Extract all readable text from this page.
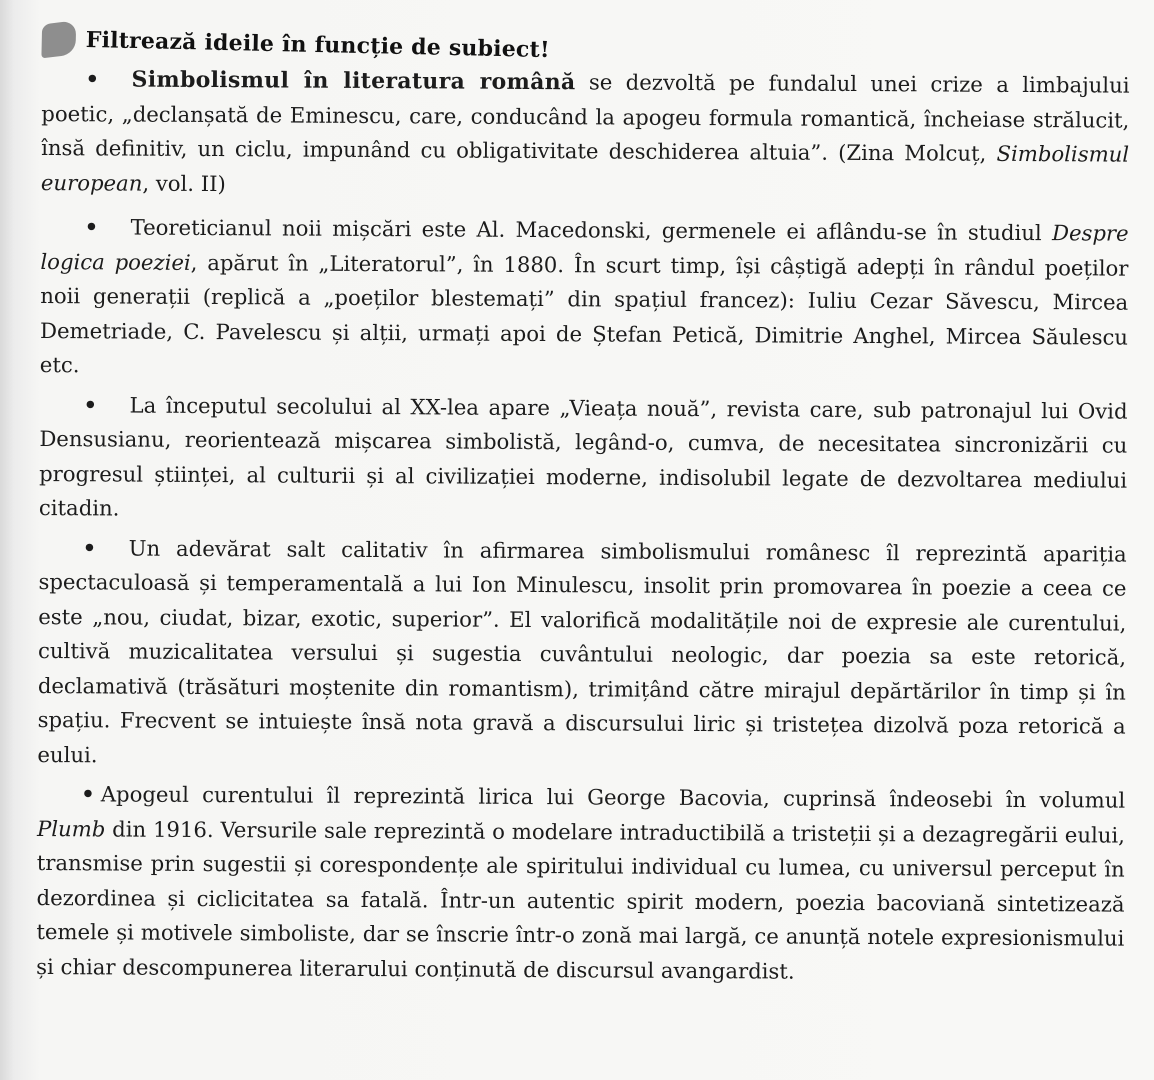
Filtrează ideile în funcție de subiect!

• Simbolismul în literatura română se dezvoltă pe fundalul unei crize a limbajului poetic, „declanșată de Eminescu, care, conducând la apogeu formula romantică, încheiase strălucit, însă definitiv, un ciclu, impunând cu obligativitate deschiderea altuia”. (Zina Molcuț, Simbolismul european, vol. II)

• Teoreticianul noii mișcări este Al. Macedonski, germenele ei aflându-se în studiul Despre logica poeziei, apărut în „Literatorul”, în 1880. În scurt timp, își câștigă adepți în rândul poeților noii generații (replică a „poeților blestemați” din spațiul francez): Iuliu Cezar Săvescu, Mircea Demetriade, C. Pavelescu și alții, urmați apoi de Ștefan Petică, Dimitrie Anghel, Mircea Săulescu etc.

• La începutul secolului al XX-lea apare „Vieața nouă”, revista care, sub patronajul lui Ovid Densusianu, reorientează mișcarea simbolistă, legând-o, cumva, de necesitatea sincronizării cu progresul științei, al culturii și al civilizației moderne, indisolubil legate de dezvoltarea mediului citadin.

• Un adevărat salt calitativ în afirmarea simbolismului românesc îl reprezintă apariția spectaculoasă și temperamentală a lui Ion Minulescu, insolit prin promovarea în poezie a ceea ce este „nou, ciudat, bizar, exotic, superior”. El valorifică modalitățile noi de expresie ale curentului, cultivă muzicalitatea versului și sugestia cuvântului neologic, dar poezia sa este retorică, declamativă (trăsături moștenite din romantism), trimițând către mirajul depărtărilor în timp și în spațiu. Frecvent se intuiește însă nota gravă a discursului liric și tristețea dizolvă poza retorică a eului.

• Apogeul curentului îl reprezintă lirica lui George Bacovia, cuprinsă îndeosebi în volumul Plumb din 1916. Versurile sale reprezintă o modelare intraductibilă a tristeții și a dezagregării eului, transmise prin sugestii și corespondențe ale spiritului individual cu lumea, cu universul perceput în dezordinea și ciclicitatea sa fatală. Într-un autentic spirit modern, poezia bacoviană sintetizează temele și motivele simboliste, dar se înscrie într-o zonă mai largă, ce anunță notele expresionismului și chiar descompunerea literarului conținută de discursul avangardist.
